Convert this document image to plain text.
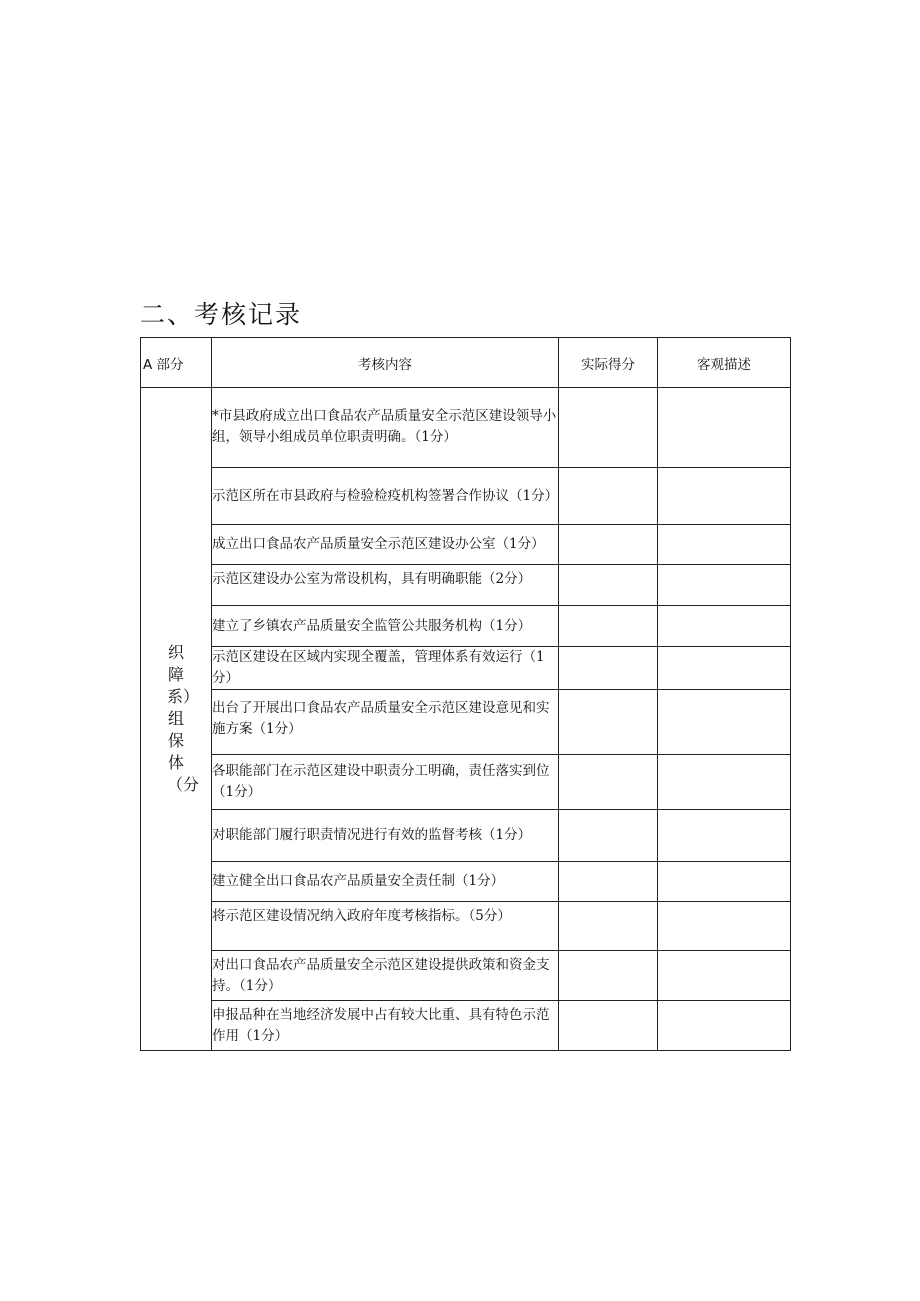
二、考核记录
A 部分	考核内容	实际得分	客观描述
织障系）组保体（分	*市县政府成立出口食品农产品质量安全示范区建设领导小组，领导小组成员单位职责明确。（1分）		
	示范区所在市县政府与检验检疫机构签署合作协议（1分）		
	成立出口食品农产品质量安全示范区建设办公室（1分）		
	示范区建设办公室为常设机构，具有明确职能（2分）		
	建立了乡镇农产品质量安全监管公共服务机构（1分）		
	示范区建设在区域内实现全覆盖，管理体系有效运行（1分）		
	出台了开展出口食品农产品质量安全示范区建设意见和实施方案（1分）		
	各职能部门在示范区建设中职责分工明确，责任落实到位（1分）		
	对职能部门履行职责情况进行有效的监督考核（1分）		
	建立健全出口食品农产品质量安全责任制（1分）		
	将示范区建设情况纳入政府年度考核指标。（5分）		
	对出口食品农产品质量安全示范区建设提供政策和资金支持。（1分）		
	申报品种在当地经济发展中占有较大比重、具有特色示范作用（1分）		
